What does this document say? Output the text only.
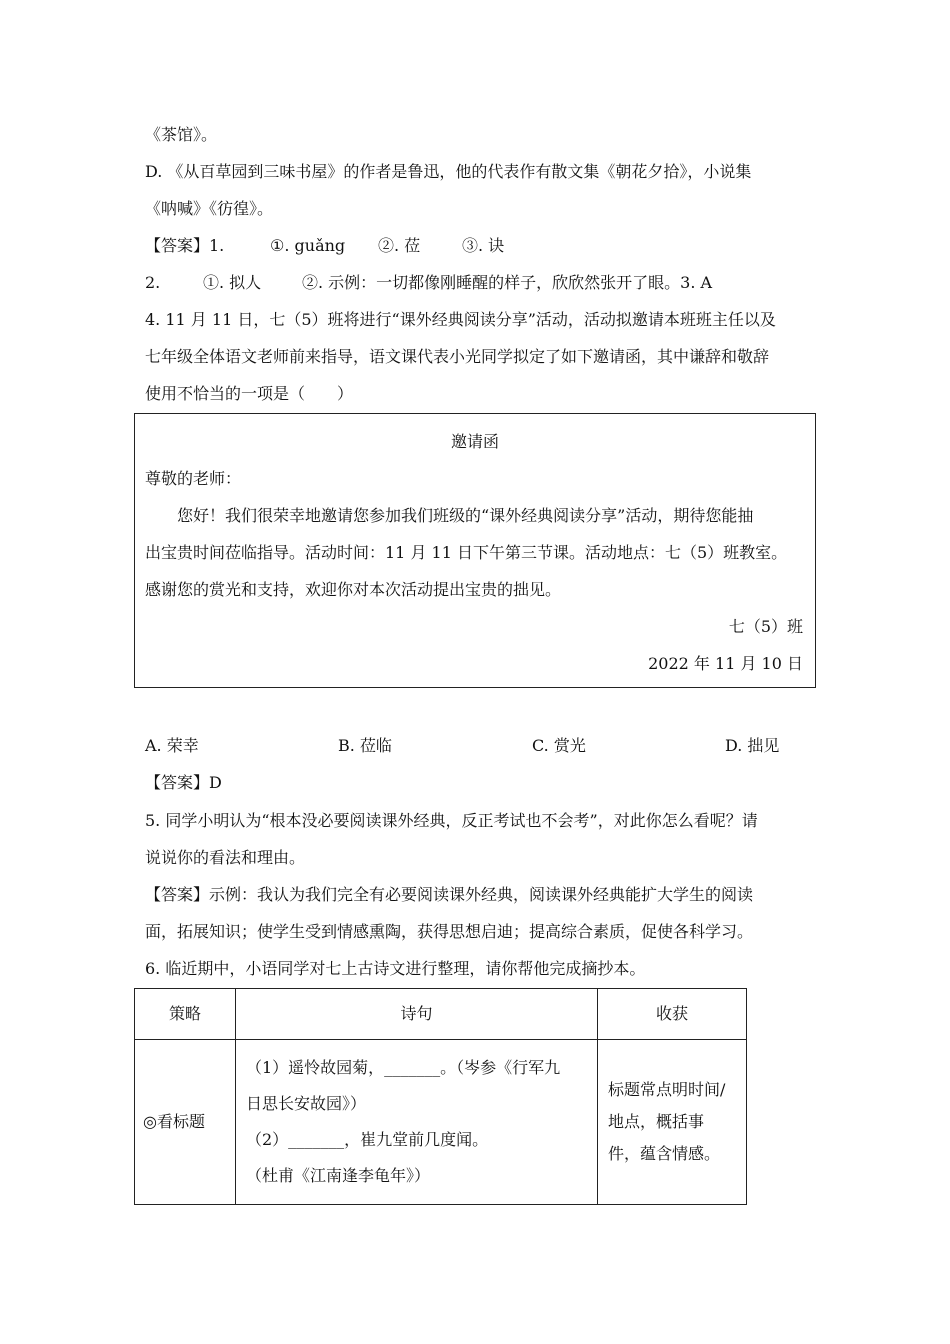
《茶馆》。
D. 《从百草园到三味书屋》的作者是鲁迅，他的代表作有散文集《朝花夕拾》，小说集
《呐喊》《彷徨》。
【答案】1.	①. guǎng ②. 莅	③. 诀
2.	①. 拟人	②. 示例：一切都像刚睡醒的样子，欣欣然张开了眼。3. A
4. 11 月 11 日，七（5）班将进行“课外经典阅读分享”活动，活动拟邀请本班班主任以及
七年级全体语文老师前来指导，语文课代表小光同学拟定了如下邀请函，其中谦辞和敬辞
使用不恰当的一项是（　　）
邀请函
尊敬的老师：
您好！我们很荣幸地邀请您参加我们班级的“课外经典阅读分享”活动，期待您能抽
出宝贵时间莅临指导。活动时间：11 月 11 日下午第三节课。活动地点：七（5）班教室。
感谢您的赏光和支持，欢迎你对本次活动提出宝贵的拙见。
七（5）班
2022 年 11 月 10 日
A. 荣幸	B. 莅临	C. 赏光	D. 拙见
【答案】D
5. 同学小明认为“根本没必要阅读课外经典，反正考试也不会考”，对此你怎么看呢？请
说说你的看法和理由。
【答案】示例：我认为我们完全有必要阅读课外经典，阅读课外经典能扩大学生的阅读
面，拓展知识；使学生受到情感熏陶，获得思想启迪；提高综合素质，促使各科学习。
6. 临近期中，小语同学对七上古诗文进行整理，请你帮他完成摘抄本。
策略	诗句	收获
◎看标题	（1）遥怜故园菊，_______。（岑参《行军九
日思长安故园》）
（2）_______，崔九堂前几度闻。
（杜甫《江南逢李龟年》）	标题常点明时间/
地点，概括事
件，蕴含情感。
